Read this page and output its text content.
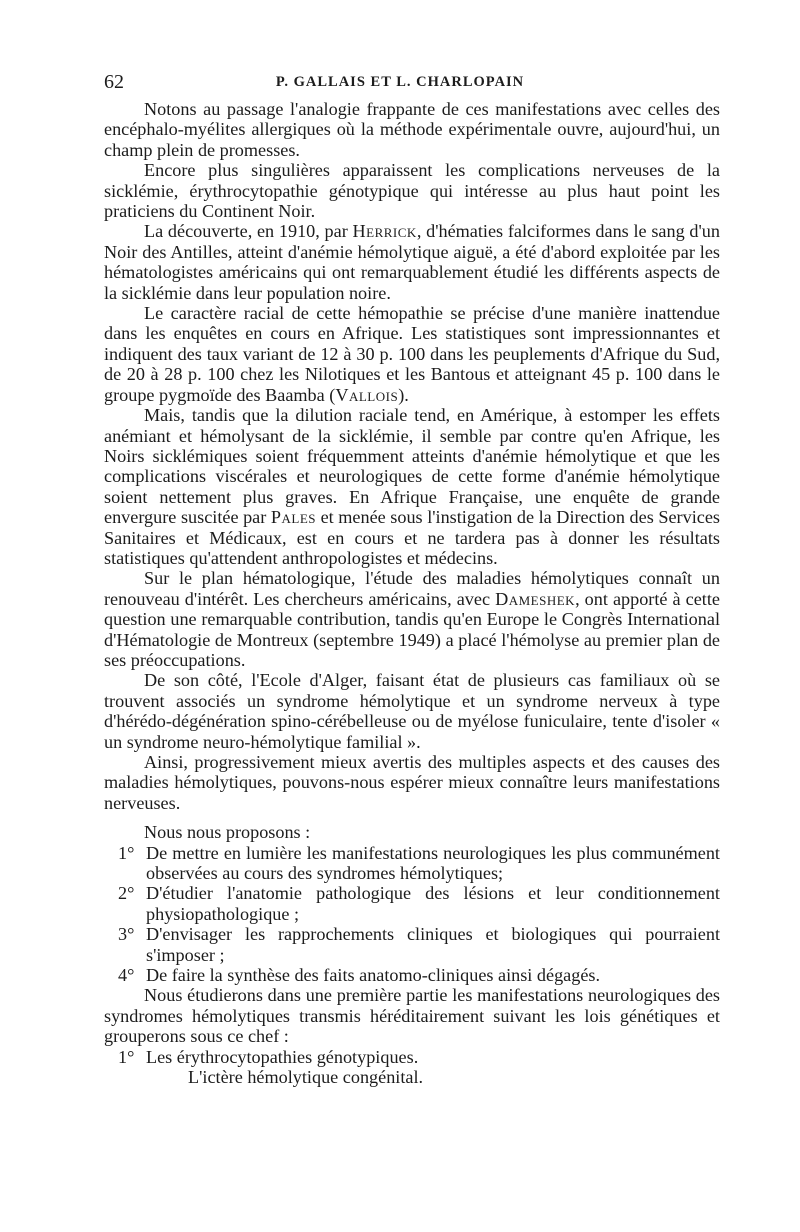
62	P. GALLAIS ET L. CHARLOPAIN

Notons au passage l'analogie frappante de ces manifestations avec celles des encéphalo-myélites allergiques où la méthode expérimentale ouvre, aujourd'hui, un champ plein de promesses.

Encore plus singulières apparaissent les complications nerveuses de la sicklémie, érythrocytopathie génotypique qui intéresse au plus haut point les praticiens du Continent Noir.

La découverte, en 1910, par Herrick, d'hématies falciformes dans le sang d'un Noir des Antilles, atteint d'anémie hémolytique aiguë, a été d'abord exploitée par les hématologistes américains qui ont remarquablement étudié les différents aspects de la sicklémie dans leur population noire.

Le caractère racial de cette hémopathie se précise d'une manière inattendue dans les enquêtes en cours en Afrique. Les statistiques sont impressionnantes et indiquent des taux variant de 12 à 30 p. 100 dans les peuplements d'Afrique du Sud, de 20 à 28 p. 100 chez les Nilotiques et les Bantous et atteignant 45 p. 100 dans le groupe pygmoïde des Baamba (Vallois).

Mais, tandis que la dilution raciale tend, en Amérique, à estomper les effets anémiant et hémolysant de la sicklémie, il semble par contre qu'en Afrique, les Noirs sicklémiques soient fréquemment atteints d'anémie hémolytique et que les complications viscérales et neurologiques de cette forme d'anémie hémolytique soient nettement plus graves. En Afrique Française, une enquête de grande envergure suscitée par Pales et menée sous l'instigation de la Direction des Services Sanitaires et Médicaux, est en cours et ne tardera pas à donner les résultats statistiques qu'attendent anthropologistes et médecins.

Sur le plan hématologique, l'étude des maladies hémolytiques connaît un renouveau d'intérêt. Les chercheurs américains, avec Dameshek, ont apporté à cette question une remarquable contribution, tandis qu'en Europe le Congrès International d'Hématologie de Montreux (septembre 1949) a placé l'hémolyse au premier plan de ses préoccupations.

De son côté, l'Ecole d'Alger, faisant état de plusieurs cas familiaux où se trouvent associés un syndrome hémolytique et un syndrome nerveux à type d'hérédo-dégénération spino-cérébelleuse ou de myélose funiculaire, tente d'isoler « un syndrome neuro-hémolytique familial ».

Ainsi, progressivement mieux avertis des multiples aspects et des causes des maladies hémolytiques, pouvons-nous espérer mieux connaître leurs manifestations nerveuses.

Nous nous proposons :

1° De mettre en lumière les manifestations neurologiques les plus communément observées au cours des syndromes hémolytiques;
2° D'étudier l'anatomie pathologique des lésions et leur conditionnement physiopathologique ;
3° D'envisager les rapprochements cliniques et biologiques qui pourraient s'imposer ;
4° De faire la synthèse des faits anatomo-cliniques ainsi dégagés.

Nous étudierons dans une première partie les manifestations neurologiques des syndromes hémolytiques transmis héréditairement suivant les lois génétiques et grouperons sous ce chef :

1° Les érythrocytopathies génotypiques.
L'ictère hémolytique congénital.
